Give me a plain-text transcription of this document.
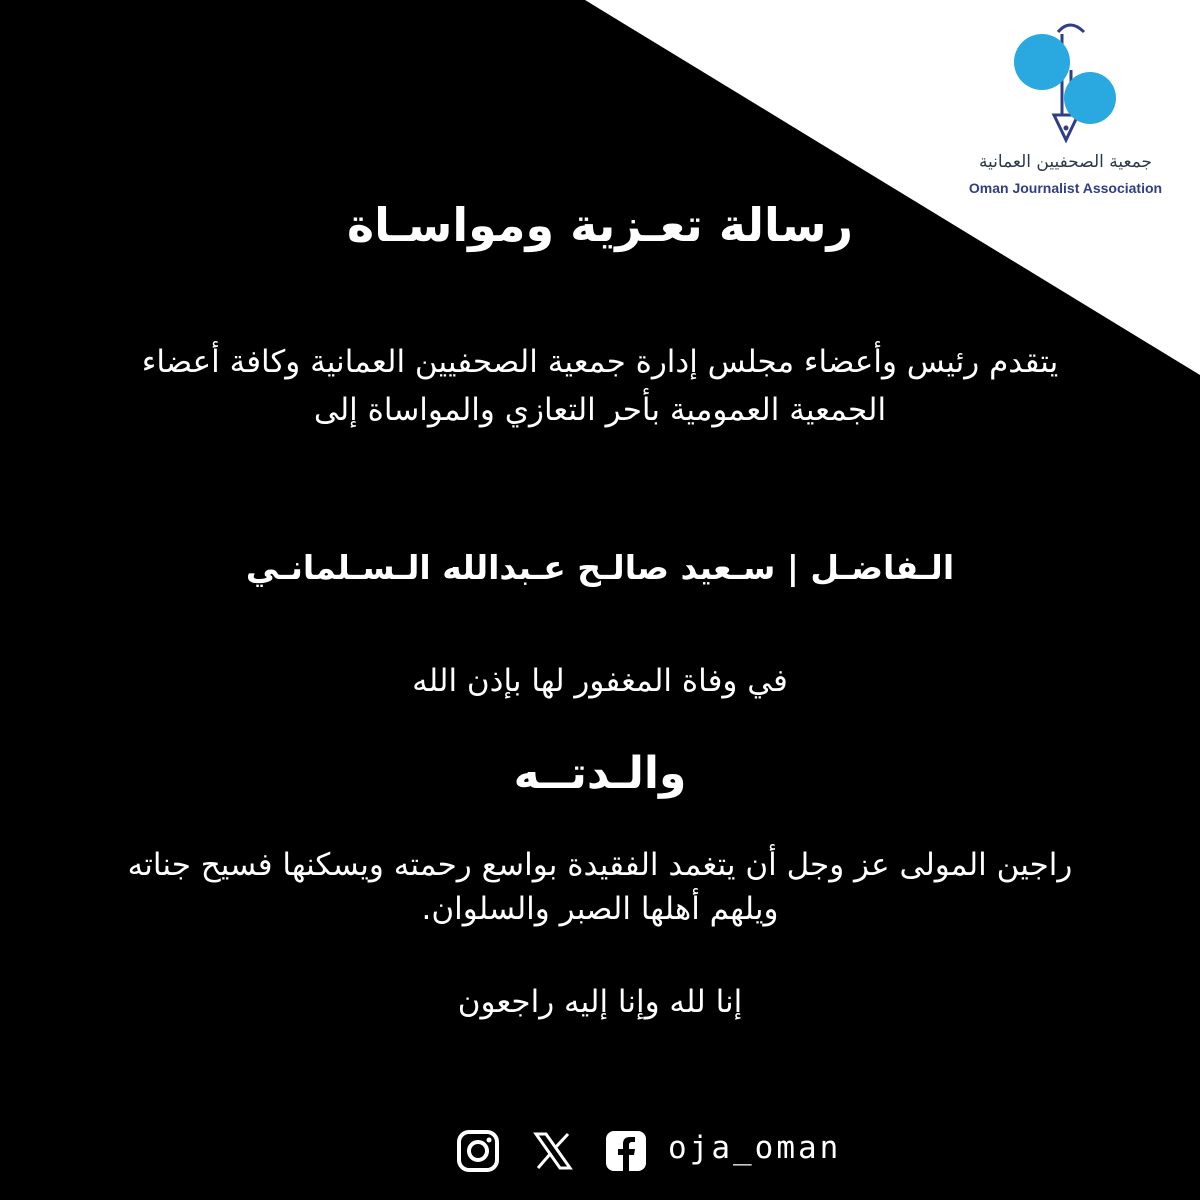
جمعية الصحفيين العمانية
Oman Journalist Association
رسالة تعـزية ومواسـاة
يتقدم رئيس وأعضاء مجلس إدارة جمعية الصحفيين العمانية وكافة أعضاء الجمعية العمومية بأحر التعازي والمواساة إلى
الـفاضـل | سـعيد صالـح عـبدالله الـسـلمانـي
في وفاة المغفور لها بإذن الله
والـدتــه
راجين المولى عز وجل أن يتغمد الفقيدة بواسع رحمته ويسكنها فسيح جناته ويلهم أهلها الصبر والسلوان.
إنا لله وإنا إليه راجعون
oja_oman
